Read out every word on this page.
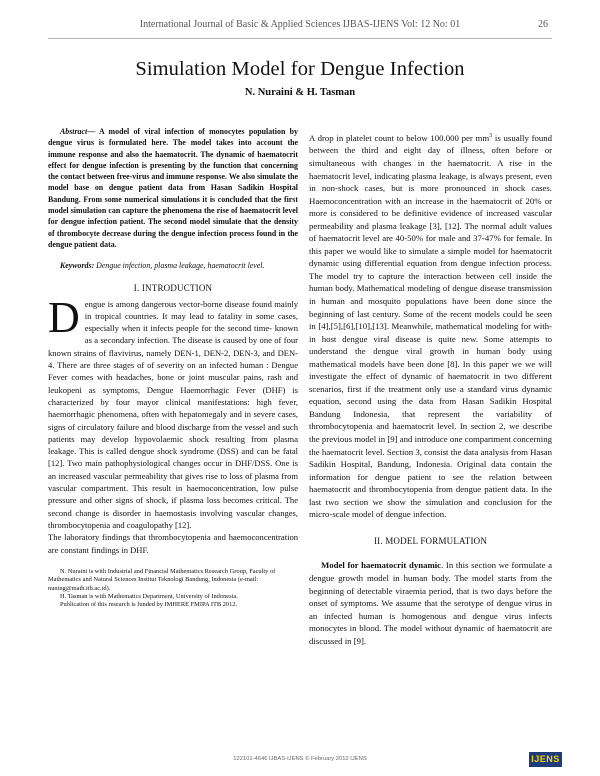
International Journal of Basic & Applied Sciences IJBAS-IJENS Vol: 12 No: 01	26
Simulation Model for Dengue Infection
N. Nuraini & H. Tasman

Abstract— A model of viral infection of monocytes population by dengue virus is formulated here. The model takes into account the immune response and also the haematocrit. The dynamic of haematocrit effect for dengue infection is presenting by the function that concerning the contact between free-virus and immune response. We also simulate the model base on dengue patient data from Hasan Sadikin Hospital Bandung. From some numerical simulations it is concluded that the first model simulation can capture the phenomena the rise of haematocrit level for dengue infection patient. The second model simulate that the density of thrombocyte decrease during the dengue infection process found in the dengue patient data.

Keywords: Dengue infection, plasma leakage, haematocrit level.

I. INTRODUCTION

D engue is among dangerous vector-borne disease found mainly in tropical countries. It may lead to fatality in some cases, especially when it infects people for the second time- known as a secondary infection. The disease is caused by one of four known strains of flavivirus, namely DEN-1, DEN-2, DEN-3, and DEN-4. There are three stages of of severity on an infected human : Dengue Fever comes with headaches, bone or joint muscular pains, rash and leukopeni as symptoms, Dengue Haemorrhagic Fever (DHF) is characterized by four mayor clinical manifestations: high fever, haemorrhagic phenomena, often with hepatomegaly and in severe cases, signs of circulatory failure and blood discharge from the vessel and such patients may develop hypovolaemic shock resulting from plasma leakage. This is called dengue shock syndrome (DSS) and can be fatal [12]. Two main pathophysiological changes occur in DHF/DSS. One is an increased vascular permeability that gives rise to loss of plasma from vascular compartment. This result in haemoconcentration, low pulse pressure and other signs of shock, if plasma loss becomes critical. The second change is disorder in haemostasis involving vascular changes, thrombocytopenia and coagulopathy [12].

The laboratory findings that thrombocytopenia and haemoconcentration are constant findings in DHF.

N. Nuraini is with Industrial and Financial Mathematics Research Group, Faculty of Mathematics and Natural Sciences Institut Teknologi Bandung, Indonesia (e-mail: nuning@math.itb.ac.id).

H. Tasman is with Mathematics Department, University of Indonesia.

Publication of this research is funded by IMHERE FMIPA ITB 2012.

A drop in platelet count to below 100.000 per $mm^3$ is usually found between the third and eight day of illness, often before or simultaneous with changes in the haematocrit. A rise in the haematocrit level, indicating plasma leakage, is always present, even in non-shock cases, but is more pronounced in shock cases. Haemoconcentration with an increase in the haematocrit of 20% or more is considered to be definitive evidence of increased vascular permeability and plasma leakage [3], [12]. The normal adult values of haematocrit level are 40-50% for male and 37-47% for female. In this paper we would like to simulate a simple model for haematocrit dynamic using differential equation from dengue infection process. The model try to capture the interaction between cell inside the human body. Mathematical modeling of dengue disease transmission in human and mosquito populations have been done since the beginning of last century. Some of the recent models could be seen in [4],[5],[6],[10],[13]. Meanwhile, mathematical modeling for with-in host dengue viral disease is quite new. Some attempts to understand the dengue viral growth in human body using mathematical models have been done [8]. In this paper we we will investigate the effect of dynamic of haematocrit in two different scenarios, first if the treatment only use a standard virus dynamic equation, second using the data from Hasan Sadikin Hospital Bandung Indonesia, that represent the variability of thrombocytopenia and haematocrit level. In section 2, we describe the previous model in [9] and introduce one compartment concerning the haematocrit level. Section 3, consist the data analysis from Hasan Sadikin Hospital, Bandung, Indonesia. Original data contain the information for dengue patient to see the relation between haematocrit and thrombocytopenia from dengue patient data. In the last two section we show the simulation and conclusion for the micro-scale model of dengue infection.

II. MODEL FORMULATION

Model for haematocrit dynamic. In this section we formulate a dengue growth model in human body. The model starts from the beginning of detectable viraemia period, that is two days before the onset of symptoms. We assume that the serotype of dengue virus in an infected human is homogenous and dengue virus infects monocytes in blood. The model without dynamic of haematocrit are discussed in [9].

122101-4646 IJBAS-IJENS © February 2012 IJENS	IJENS
